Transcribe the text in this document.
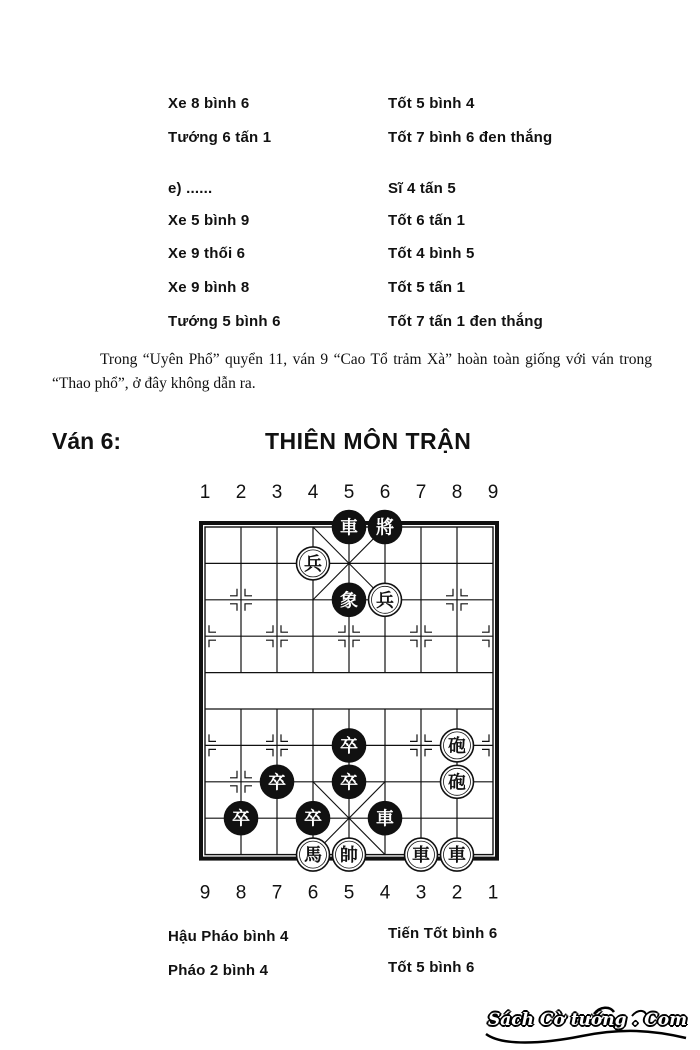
Xe 8 bình 6	Tốt 5 bình 4
Tướng 6 tấn 1	Tốt 7 bình 6 đen thắng
e) ......	Sĩ 4 tấn 5
Xe 5 bình 9	Tốt 6 tấn 1
Xe 9 thối 6	Tốt 4 bình 5
Xe 9 bình 8	Tốt 5 tấn 1
Tướng 5 bình 6	Tốt 7 tấn 1 đen thắng
Trong “Uyên Phổ” quyển 11, ván 9 “Cao Tổ trảm Xà” hoàn toàn giống với ván trong “Thao phổ”, ở đây không dẫn ra.
Ván 6:	THIÊN MÔN TRẬN
1 2 3 4 5 6 7 8 9
9 8 7 6 5 4 3 2 1
車 將
兵
象 兵
卒	砲
卒	卒	砲
卒	卒	車
馬 帥	車 車
Hậu Pháo bình 4	Tiến Tốt bình 6
Pháo 2 bình 4	Tốt 5 bình 6
Sách Cờ tướng . Com
